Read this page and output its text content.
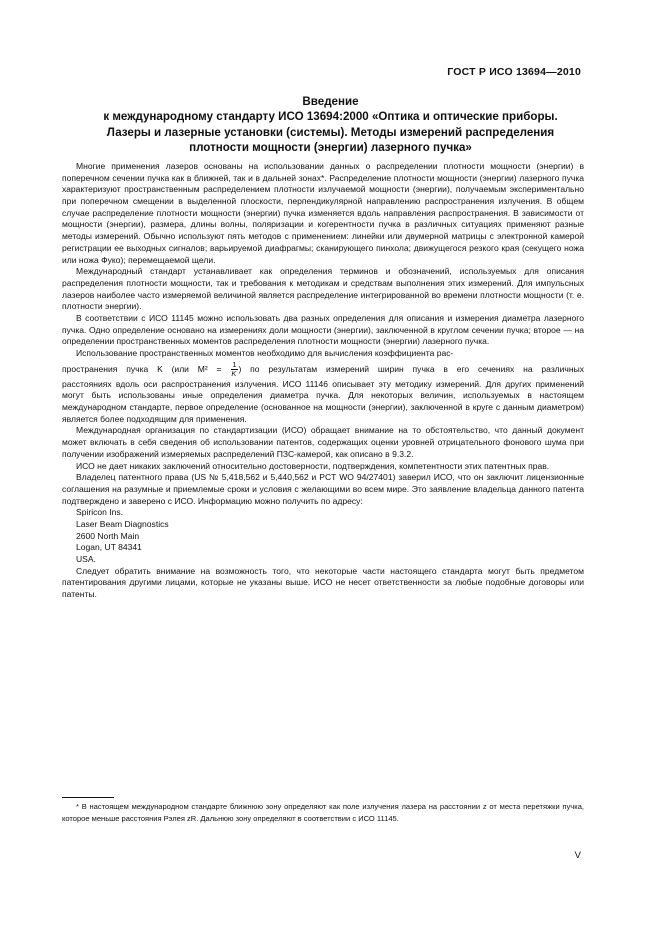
ГОСТ Р ИСО 13694—2010
Введение
к международному стандарту ИСО 13694:2000 «Оптика и оптические приборы.
Лазеры и лазерные установки (системы). Методы измерений распределения
плотности мощности (энергии) лазерного пучка»

Многие применения лазеров основаны на использовании данных о распределении плотности мощности (энергии) в поперечном сечении пучка как в ближней, так и в дальней зонах*. Распределение плотности мощности (энергии) лазерного пучка характеризуют пространственным распределением плотности излучаемой мощности (энергии), получаемым экспериментально при поперечном смещении в выделенной плоскости, перпендикулярной направлению распространения излучения. В общем случае распределение плотности мощности (энергии) пучка изменяется вдоль направления распространения. В зависимости от мощности (энергии), размера, длины волны, поляризации и когерентности пучка в различных ситуациях применяют разные методы измерений. Обычно используют пять методов с применением: линейки или двумерной матрицы с электронной камерой регистрации ее выходных сигналов; варьируемой диафрагмы; сканирующего пинхола; движущегося резкого края (секущего ножа или ножа Фуко); перемещаемой щели.

Международный стандарт устанавливает как определения терминов и обозначений, используемых для описания распределения плотности мощности, так и требования к методикам и средствам выполнения этих измерений. Для импульсных лазеров наиболее часто измеряемой величиной является распределение интегрированной во времени плотности мощности (т. е. плотности энергии).

В соответствии с ИСО 11145 можно использовать два разных определения для описания и измерения диаметра лазерного пучка. Одно определение основано на измерениях доли мощности (энергии), заключенной в круглом сечении пучка; второе — на определении пространственных моментов распределения плотности мощности (энергии) лазерного пучка.

Использование пространственных моментов необходимо для вычисления коэффициента рас-

пространения пучка K (или $M^2 = \frac{1}{K}$ ) по результатам измерений ширин пучка в его сечениях на различных

расстояниях вдоль оси распространения излучения. ИСО 11146 описывает эту методику измерений. Для других применений могут быть использованы иные определения диаметра пучка. Для некоторых величин, используемых в настоящем международном стандарте, первое определение (основанное на мощности (энергии), заключенной в круге с данным диаметром) является более подходящим для применения.

Международная организация по стандартизации (ИСО) обращает внимание на то обстоятельство, что данный документ может включать в себя сведения об использовании патентов, содержащих оценки уровней отрицательного фонового шума при получении изображений измеряемых распределений ПЗС-камерой, как описано в 9.3.2.

ИСО не дает никаких заключений относительно достоверности, подтверждения, компетентности этих патентных прав.

Владелец патентного права (US № 5,418,562 и 5,440,562 и PCT WO 94/27401) заверил ИСО, что он заключит лицензионные соглашения на разумные и приемлемые сроки и условия с желающими во всем мире. Это заявление владельца данного патента подтверждено и заверено с ИСО. Информацию можно получить по адресу:

Spiricon Ins.
Laser Beam Diagnostics
2600 North Main
Logan, UT 84341
USA.

Следует обратить внимание на возможность того, что некоторые части настоящего стандарта могут быть предметом патентирования другими лицами, которые не указаны выше. ИСО не несет ответственности за любые подобные договоры или патенты.

* В настоящем международном стандарте ближнюю зону определяют как поле излучения лазера на расстоянии z от места перетяжки пучка, которое меньше расстояния Рэлея zR. Дальнюю зону определяют в соответствии с ИСО 11145.

V
